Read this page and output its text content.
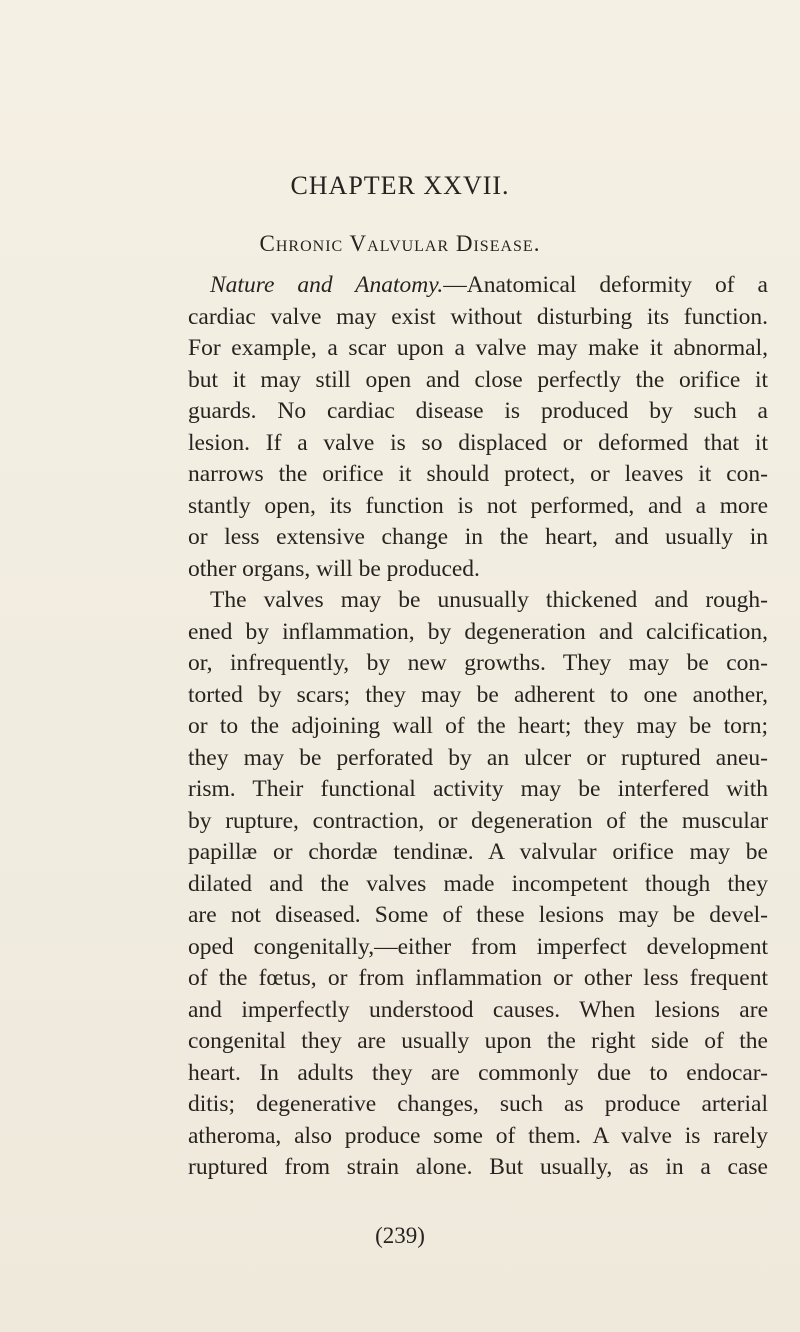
CHAPTER XXVII.
Chronic Valvular Disease.
Nature and Anatomy.—Anatomical deformity of a
cardiac valve may exist without disturbing its function.
For example, a scar upon a valve may make it abnormal,
but it may still open and close perfectly the orifice it
guards. No cardiac disease is produced by such a
lesion. If a valve is so displaced or deformed that it
narrows the orifice it should protect, or leaves it con-
stantly open, its function is not performed, and a more
or less extensive change in the heart, and usually in
other organs, will be produced.
The valves may be unusually thickened and rough-
ened by inflammation, by degeneration and calcification,
or, infrequently, by new growths. They may be con-
torted by scars; they may be adherent to one another,
or to the adjoining wall of the heart; they may be torn;
they may be perforated by an ulcer or ruptured aneu-
rism. Their functional activity may be interfered with
by rupture, contraction, or degeneration of the muscular
papillæ or chordæ tendinæ. A valvular orifice may be
dilated and the valves made incompetent though they
are not diseased. Some of these lesions may be devel-
oped congenitally,—either from imperfect development
of the fœtus, or from inflammation or other less frequent
and imperfectly understood causes. When lesions are
congenital they are usually upon the right side of the
heart. In adults they are commonly due to endocar-
ditis; degenerative changes, such as produce arterial
atheroma, also produce some of them. A valve is rarely
ruptured from strain alone. But usually, as in a case
(239)
